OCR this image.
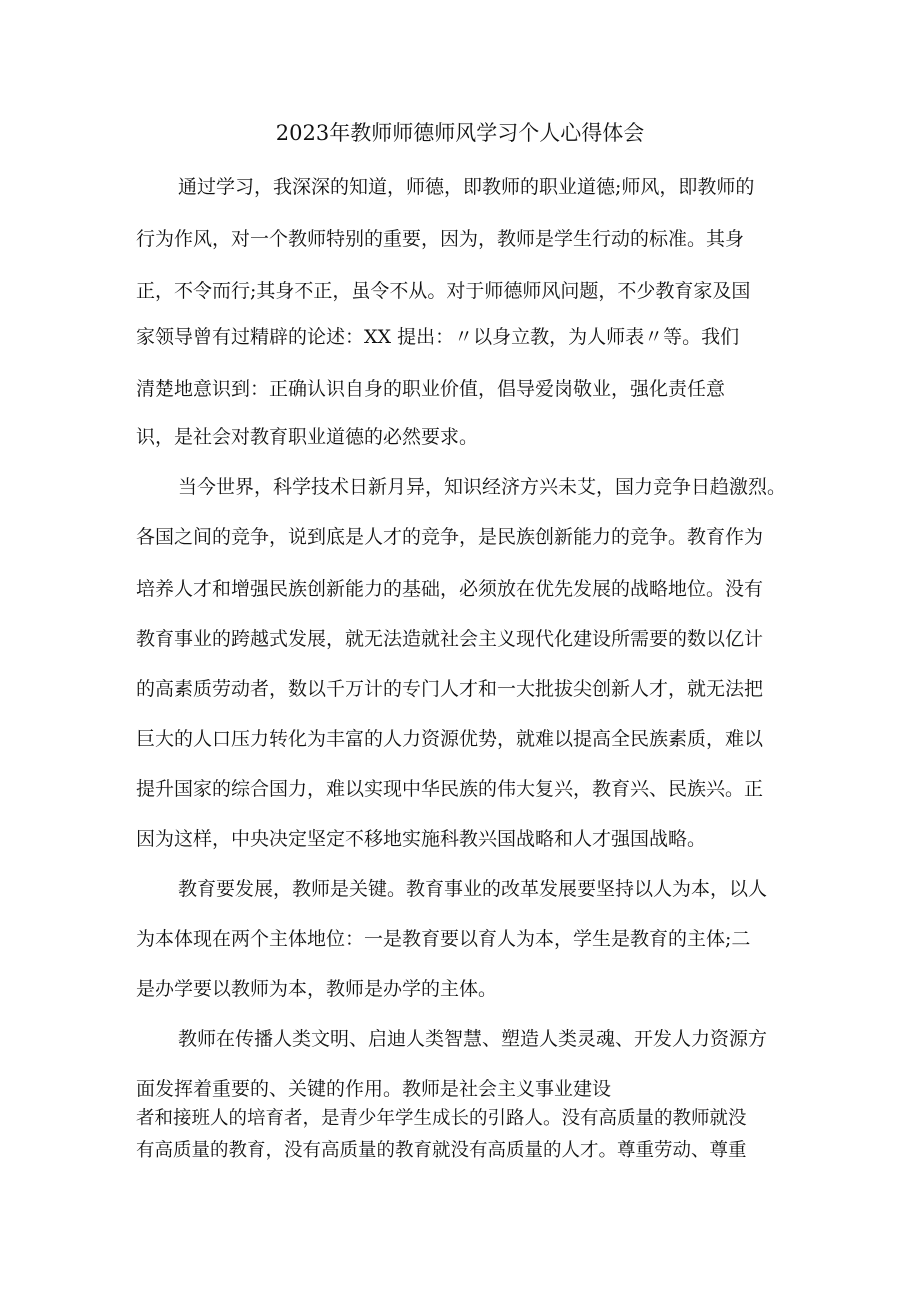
2023年教师师德师风学习个人心得体会
通过学习，我深深的知道，师德，即教师的职业道德;师风，即教师的
行为作风，对一个教师特别的重要，因为，教师是学生行动的标准。其身
正，不令而行;其身不正，虽令不从。对于师德师风问题，不少教育家及国
家领导曾有过精辟的论述：XX 提出：〃以身立教，为人师表〃等。我们
清楚地意识到：正确认识自身的职业价值，倡导爱岗敬业，强化责任意
识，是社会对教育职业道德的必然要求。
当今世界，科学技术日新月异，知识经济方兴未艾，国力竞争日趋激烈。
各国之间的竞争，说到底是人才的竞争，是民族创新能力的竞争。教育作为
培养人才和增强民族创新能力的基础，必须放在优先发展的战略地位。没有
教育事业的跨越式发展，就无法造就社会主义现代化建设所需要的数以亿计
的高素质劳动者，数以千万计的专门人才和一大批拔尖创新人才，就无法把
巨大的人口压力转化为丰富的人力资源优势，就难以提高全民族素质，难以
提升国家的综合国力，难以实现中华民族的伟大复兴，教育兴、民族兴。正
因为这样，中央决定坚定不移地实施科教兴国战略和人才强国战略。
教育要发展，教师是关键。教育事业的改革发展要坚持以人为本，以人
为本体现在两个主体地位：一是教育要以育人为本，学生是教育的主体;二
是办学要以教师为本，教师是办学的主体。
教师在传播人类文明、启迪人类智慧、塑造人类灵魂、开发人力资源方
面发挥着重要的、关键的作用。教师是社会主义事业建设
者和接班人的培育者，是青少年学生成长的引路人。没有高质量的教师就没
有高质量的教育，没有高质量的教育就没有高质量的人才。尊重劳动、尊重
